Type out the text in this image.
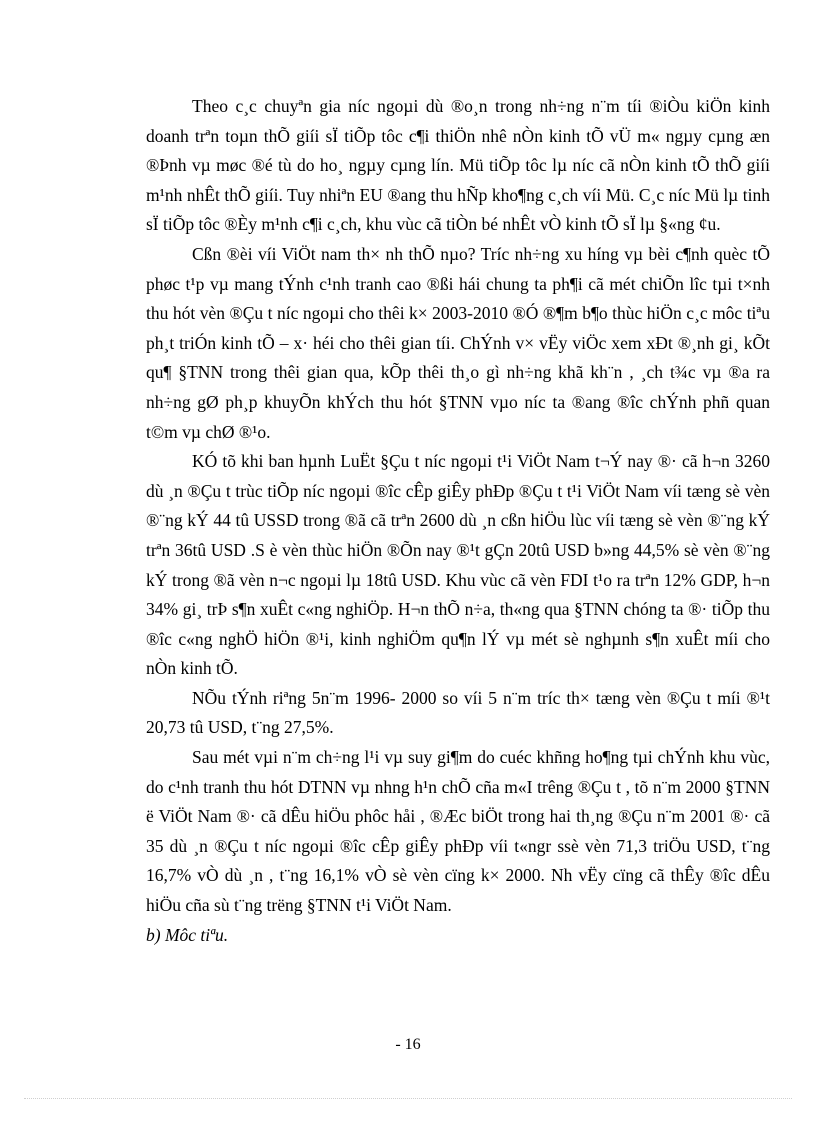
Theo c¸c chuyªn gia níc ngoµi dù ®o¸n trong nh÷ng n¨m tíi ®iÒu kiÖn kinh doanh trªn toµn thÕ giíi sÏ tiÕp tôc c¶i thiÖn nhê nÒn kinh tÕ vÜ m« ngµy cµng æn ®Þnh vµ møc ®é tù do ho¸ ngµy cµng lín. Mü tiÕp tôc lµ níc cã nÒn kinh tÕ thÕ giíi m¹nh nhÊt thÕ giíi. Tuy nhiªn EU ®ang thu hÑp kho¶ng c¸ch víi Mü. C¸c níc Mü lµ tinh sÏ tiÕp tôc ®Èy m¹nh c¶i c¸ch, khu vùc cã tiÒn bé nhÊt vÒ kinh tÕ sÏ lµ §«ng ¢u.

Cßn ®èi víi ViÖt nam th× nh thÕ nµo? Tríc nh÷ng xu híng vµ bèi c¶nh quèc tÕ phøc t¹p vµ mang tÝnh c¹nh tranh cao ®ßi hái chung ta ph¶i cã mét chiÕn lîc tµi t×nh thu hót vèn ®Çu t níc ngoµi cho thêi k× 2003-2010 ®Ó ®¶m b¶o thùc hiÖn c¸c môc tiªu ph¸t triÓn kinh tÕ – x· héi cho thêi gian tíi. ChÝnh v× vËy viÖc xem xÐt ®¸nh gi¸ kÕt qu¶ §TNN trong thêi gian qua, kÕp thêi th¸o gì nh÷ng khã kh¨n , ¸ch t¾c vµ ®a ra nh÷ng gØ ph¸p khuyÕn khÝch thu hót §TNN vµo níc ta ®ang ®îc chÝnh phñ quan t©m vµ chØ ®¹o.

KÓ tõ khi ban hµnh LuËt §Çu t níc ngoµi t¹i ViÖt Nam t¬Ý nay ®· cã h¬n 3260 dù ¸n ®Çu t trùc tiÕp níc ngoµi ®îc cÊp giÊy phÐp ®Çu t t¹i ViÖt Nam víi tæng sè vèn ®¨ng kÝ 44 tû USSD trong ®ã cã trªn 2600 dù ¸n cßn hiÖu lùc víi tæng sè vèn ®¨ng kÝ trªn 36tû USD .S è vèn thùc hiÖn ®Õn nay ®¹t gÇn 20tû USD b»ng 44,5% sè vèn ®¨ng kÝ trong ®ã vèn n¬c ngoµi lµ 18tû USD. Khu vùc cã vèn FDI t¹o ra trªn 12% GDP, h¬n 34% gi¸ trÞ s¶n xuÊt c«ng nghiÖp. H¬n thÕ n÷a, th«ng qua §TNN chóng ta ®· tiÕp thu ®îc c«ng nghÖ hiÖn ®¹i, kinh nghiÖm qu¶n lÝ vµ mét sè nghµnh s¶n xuÊt míi cho nÒn kinh tÕ.

NÕu tÝnh riªng 5n¨m 1996- 2000 so víi 5 n¨m tríc th× tæng vèn ®Çu t míi ®¹t 20,73 tû USD, t¨ng 27,5%.

Sau mét vµi n¨m ch÷ng l¹i vµ suy gi¶m do cuéc khñng ho¶ng tµi chÝnh khu vùc, do c¹nh tranh thu hót DTNN vµ nhng h¹n chÕ cña m«I trêng ®Çu t , tõ n¨m 2000 §TNN ë ViÖt Nam ®· cã dÊu hiÖu phôc håi , ®Æc biÖt trong hai th¸ng ®Çu n¨m 2001 ®· cã 35 dù ¸n ®Çu t níc ngoµi ®îc cÊp giÊy phÐp víi t«ngr ssè vèn 71,3 triÖu USD, t¨ng 16,7% vÒ dù ¸n , t¨ng 16,1% vÒ sè vèn cïng k× 2000. Nh vËy cïng cã thÊy ®îc dÊu hiÖu cña sù t¨ng trëng §TNN t¹i ViÖt Nam.

b) Môc tiªu.

- 16
